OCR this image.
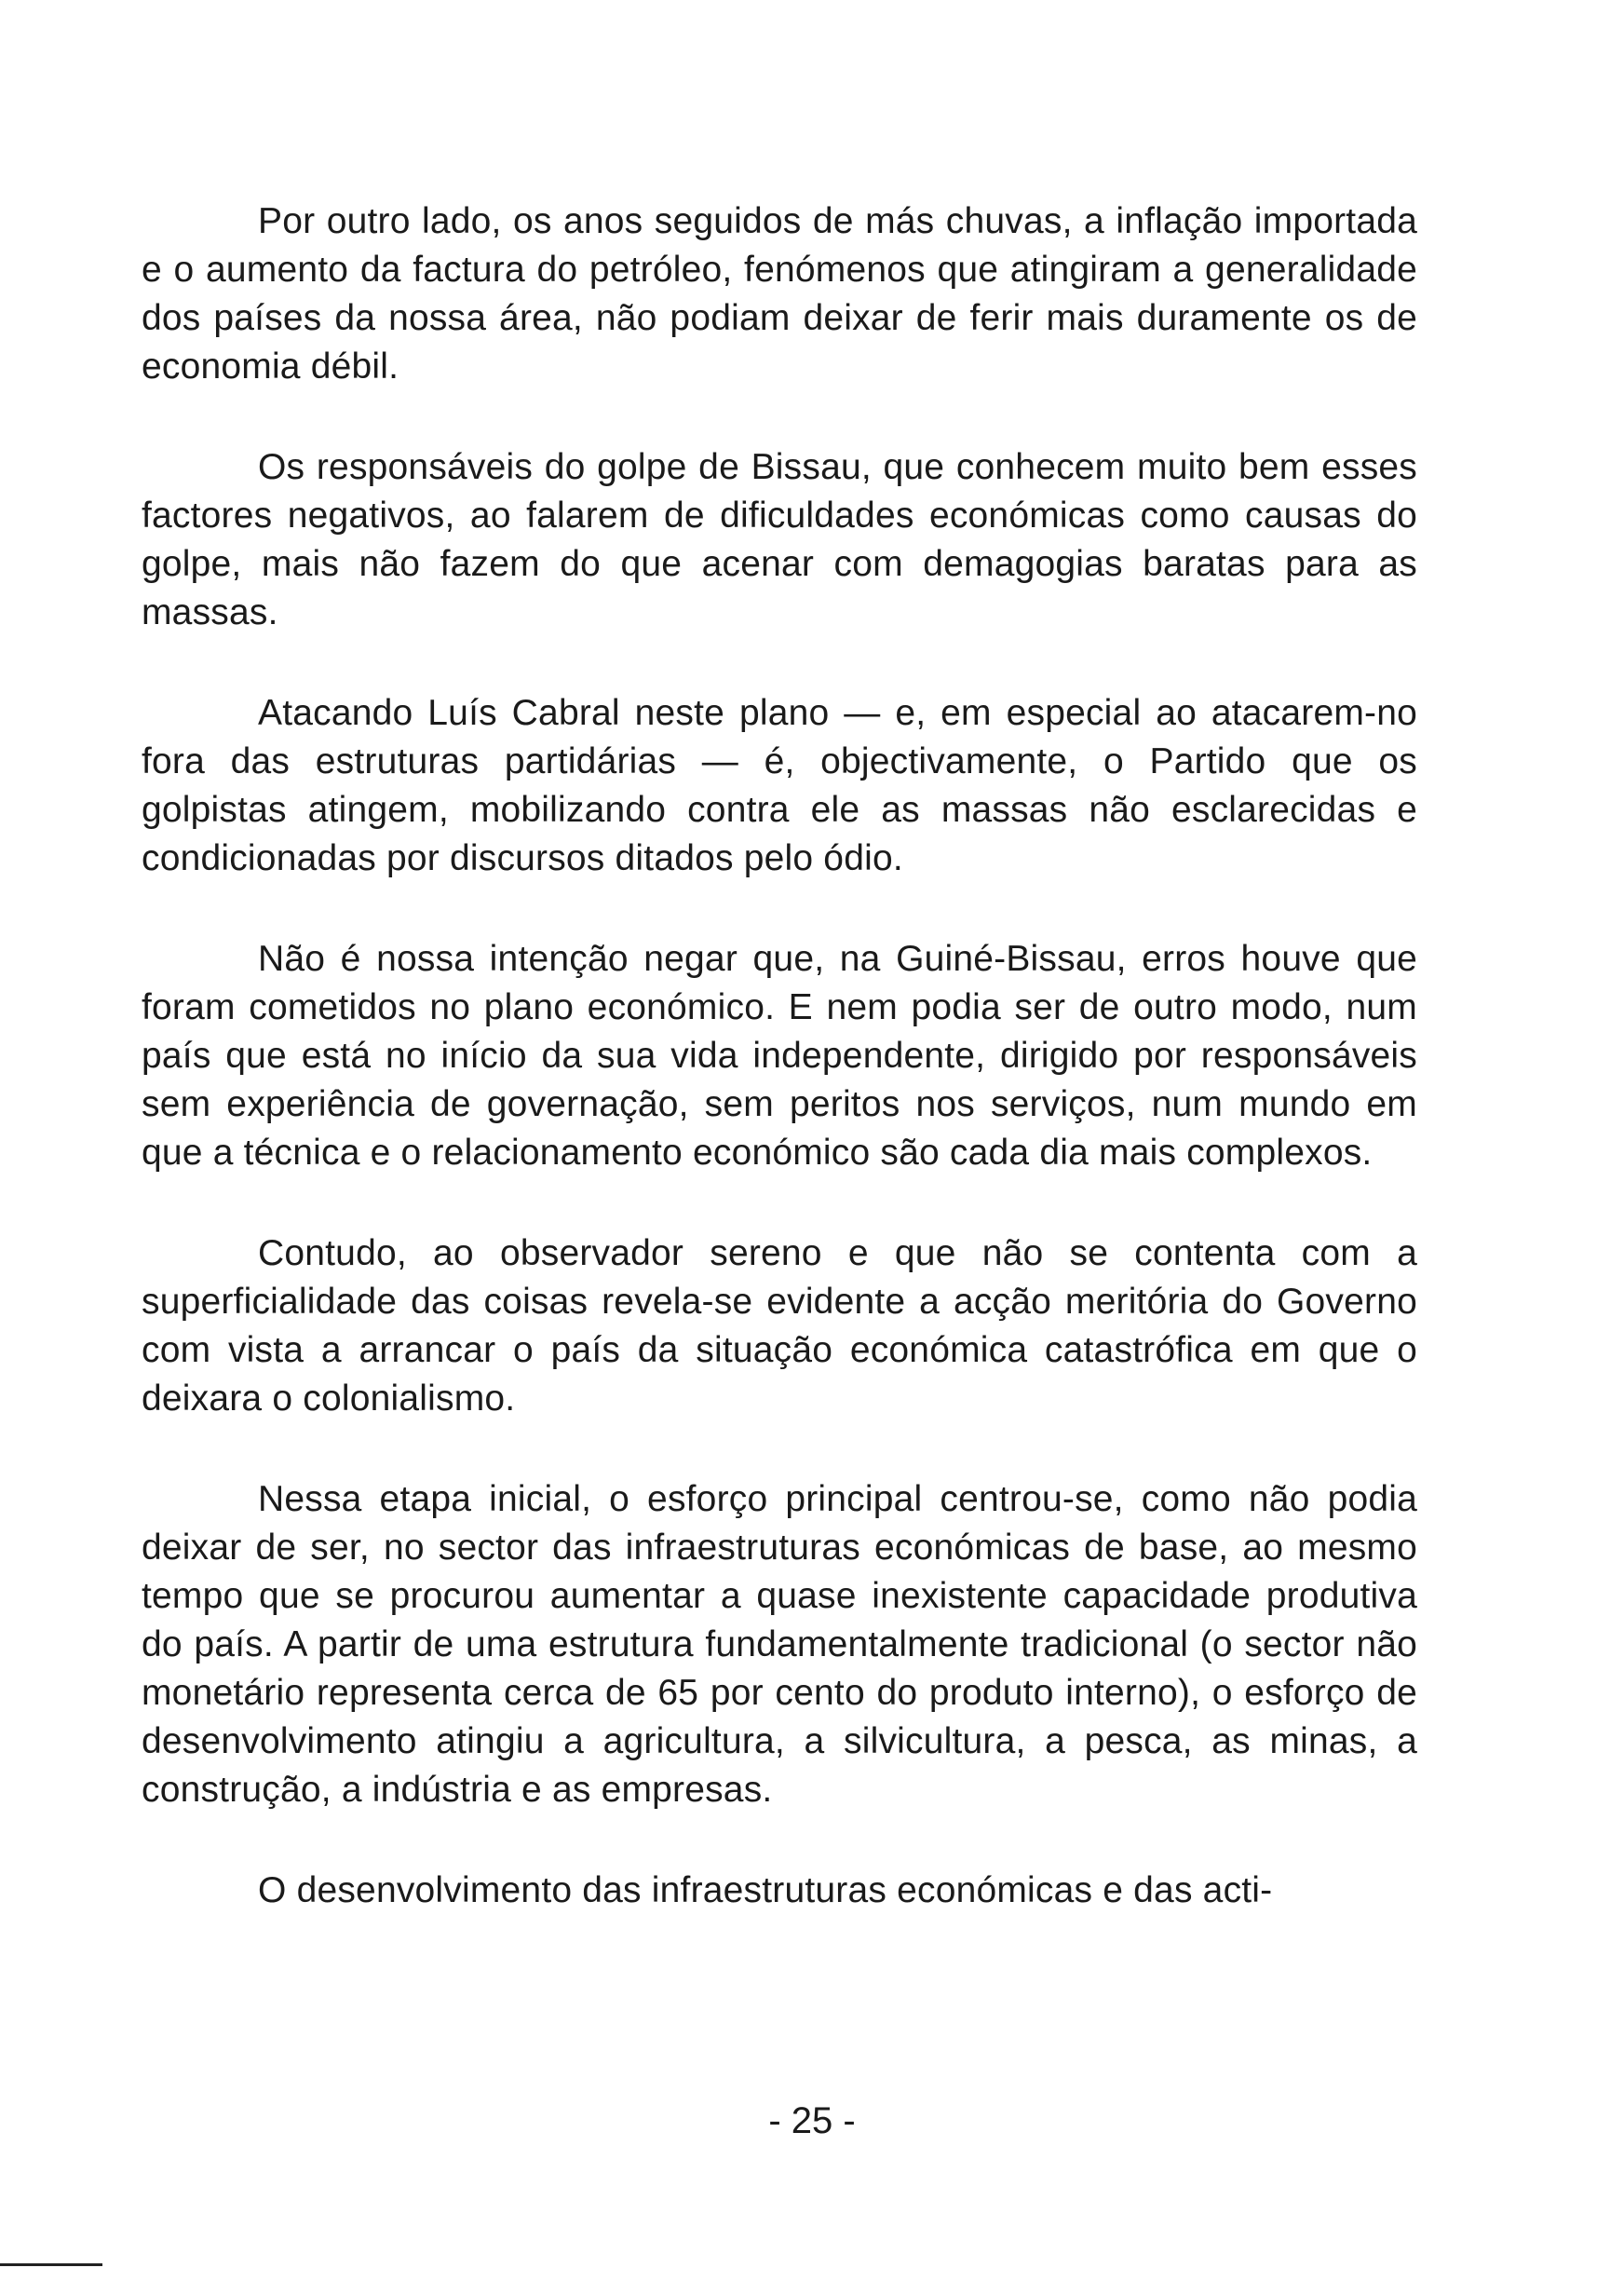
Por outro lado, os anos seguidos de más chuvas, a inflação importada e o aumento da factura do petróleo, fenómenos que atingiram a generalidade dos países da nossa área, não podiam deixar de ferir mais duramente os de economia débil.

Os responsáveis do golpe de Bissau, que conhecem muito bem esses factores negativos, ao falarem de dificuldades económicas como causas do golpe, mais não fazem do que acenar com demagogias baratas para as massas.

Atacando Luís Cabral neste plano — e, em especial ao atacarem-no fora das estruturas partidárias — é, objectivamente, o Partido que os golpistas atingem, mobilizando contra ele as massas não esclarecidas e condicionadas por discursos ditados pelo ódio.

Não é nossa intenção negar que, na Guiné-Bissau, erros houve que foram cometidos no plano económico. E nem podia ser de outro modo, num país que está no início da sua vida independente, dirigido por responsáveis sem experiência de governação, sem peritos nos serviços, num mundo em que a técnica e o relacionamento económico são cada dia mais complexos.

Contudo, ao observador sereno e que não se contenta com a superficialidade das coisas revela-se evidente a acção meritória do Governo com vista a arrancar o país da situação económica catastrófica em que o deixara o colonialismo.

Nessa etapa inicial, o esforço principal centrou-se, como não podia deixar de ser, no sector das infraestruturas económicas de base, ao mesmo tempo que se procurou aumentar a quase inexistente capacidade produtiva do país. A partir de uma estrutura fundamentalmente tradicional (o sector não monetário representa cerca de 65 por cento do produto interno), o esforço de desenvolvimento atingiu a agricultura, a silvicultura, a pesca, as minas, a construção, a indústria e as empresas.

O desenvolvimento das infraestruturas económicas e das acti-

- 25 -
